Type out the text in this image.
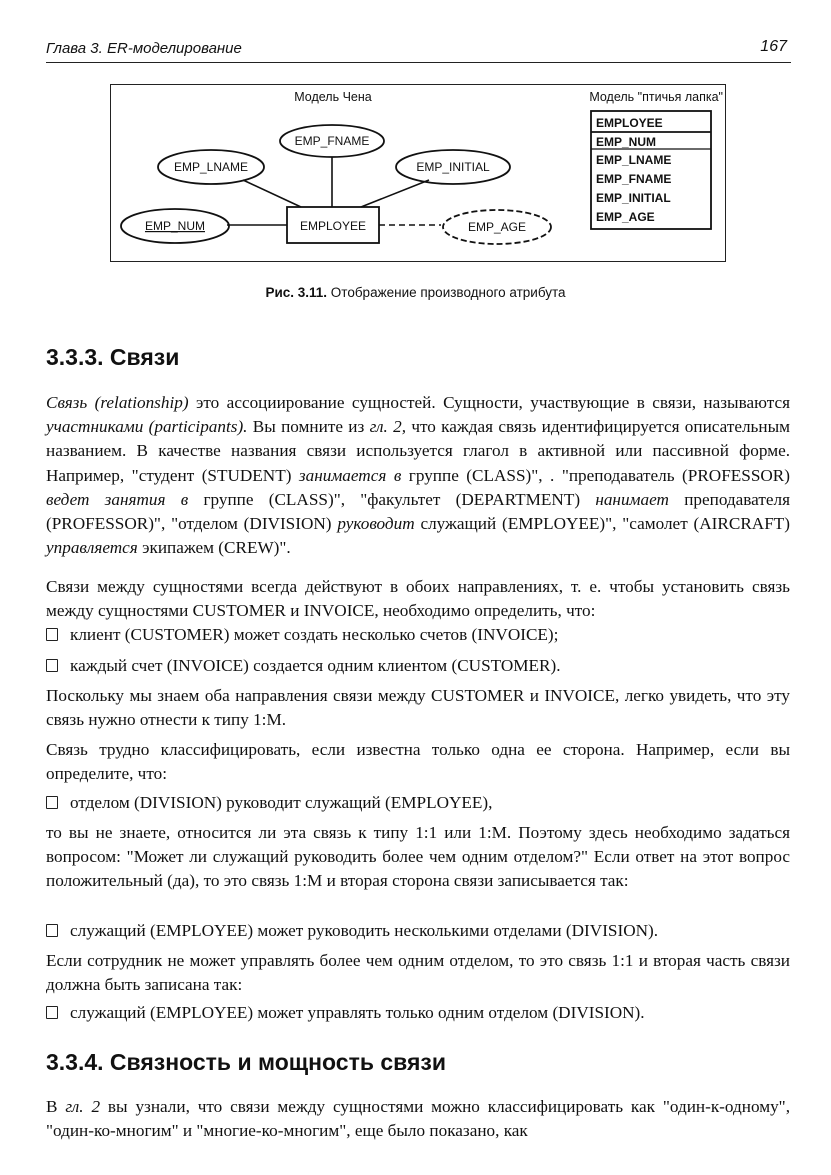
Глава 3. ER-моделирование	167
Модель Чена	Модель "птичья лапка"
EMP_FNAME
EMP_LNAME	EMP_INITIAL
EMP_NUM	EMP_AGE
EMPLOYEE
EMPLOYEE
EMP_NUM
EMP_LNAME
EMP_FNAME
EMP_INITIAL
EMP_AGE
Рис. 3.11. Отображение производного атрибута
3.3.3. Связи

Связь (relationship) это ассоциирование сущностей. Сущности, участвующие в связи, называются участниками (participants). Вы помните из гл. 2, что каждая связь идентифицируется описательным названием. В качестве названия связи используется глагол в активной или пассивной форме. Например, "студент (STUDENT) занимается в группе (CLASS)", . "преподаватель (PROFESSOR) ведет занятия в группе (CLASS)", "факультет (DEPARTMENT) нанимает преподавателя (PROFESSOR)", "отделом (DIVISION) руководит служащий (EMPLOYEE)", "самолет (AIRCRAFT) управляется экипажем (CREW)".

Связи между сущностями всегда действуют в обоих направлениях, т. е. чтобы установить связь между сущностями CUSTOMER и INVOICE, необходимо определить, что:

клиент (CUSTOMER) может создать несколько счетов (INVOICE);
каждый счет (INVOICE) создается одним клиентом (CUSTOMER).

Поскольку мы знаем оба направления связи между CUSTOMER и INVOICE, легко увидеть, что эту связь нужно отнести к типу 1:M.

Связь трудно классифицировать, если известна только одна ее сторона. Например, если вы определите, что:

отделом (DIVISION) руководит служащий (EMPLOYEE),

то вы не знаете, относится ли эта связь к типу 1:1 или 1:M. Поэтому здесь необходимо задаться вопросом: "Может ли служащий руководить более чем одним отделом?" Если ответ на этот вопрос положительный (да), то это связь 1:M и вторая сторона связи записывается так:

служащий (EMPLOYEE) может руководить несколькими отделами (DIVISION).

Если сотрудник не может управлять более чем одним отделом, то это связь 1:1 и вторая часть связи должна быть записана так:

служащий (EMPLOYEE) может управлять только одним отделом (DIVISION).
3.3.4. Связность и мощность связи

В гл. 2 вы узнали, что связи между сущностями можно классифицировать как "один-к-одному", "один-ко-многим" и "многие-ко-многим", еще было показано, как
